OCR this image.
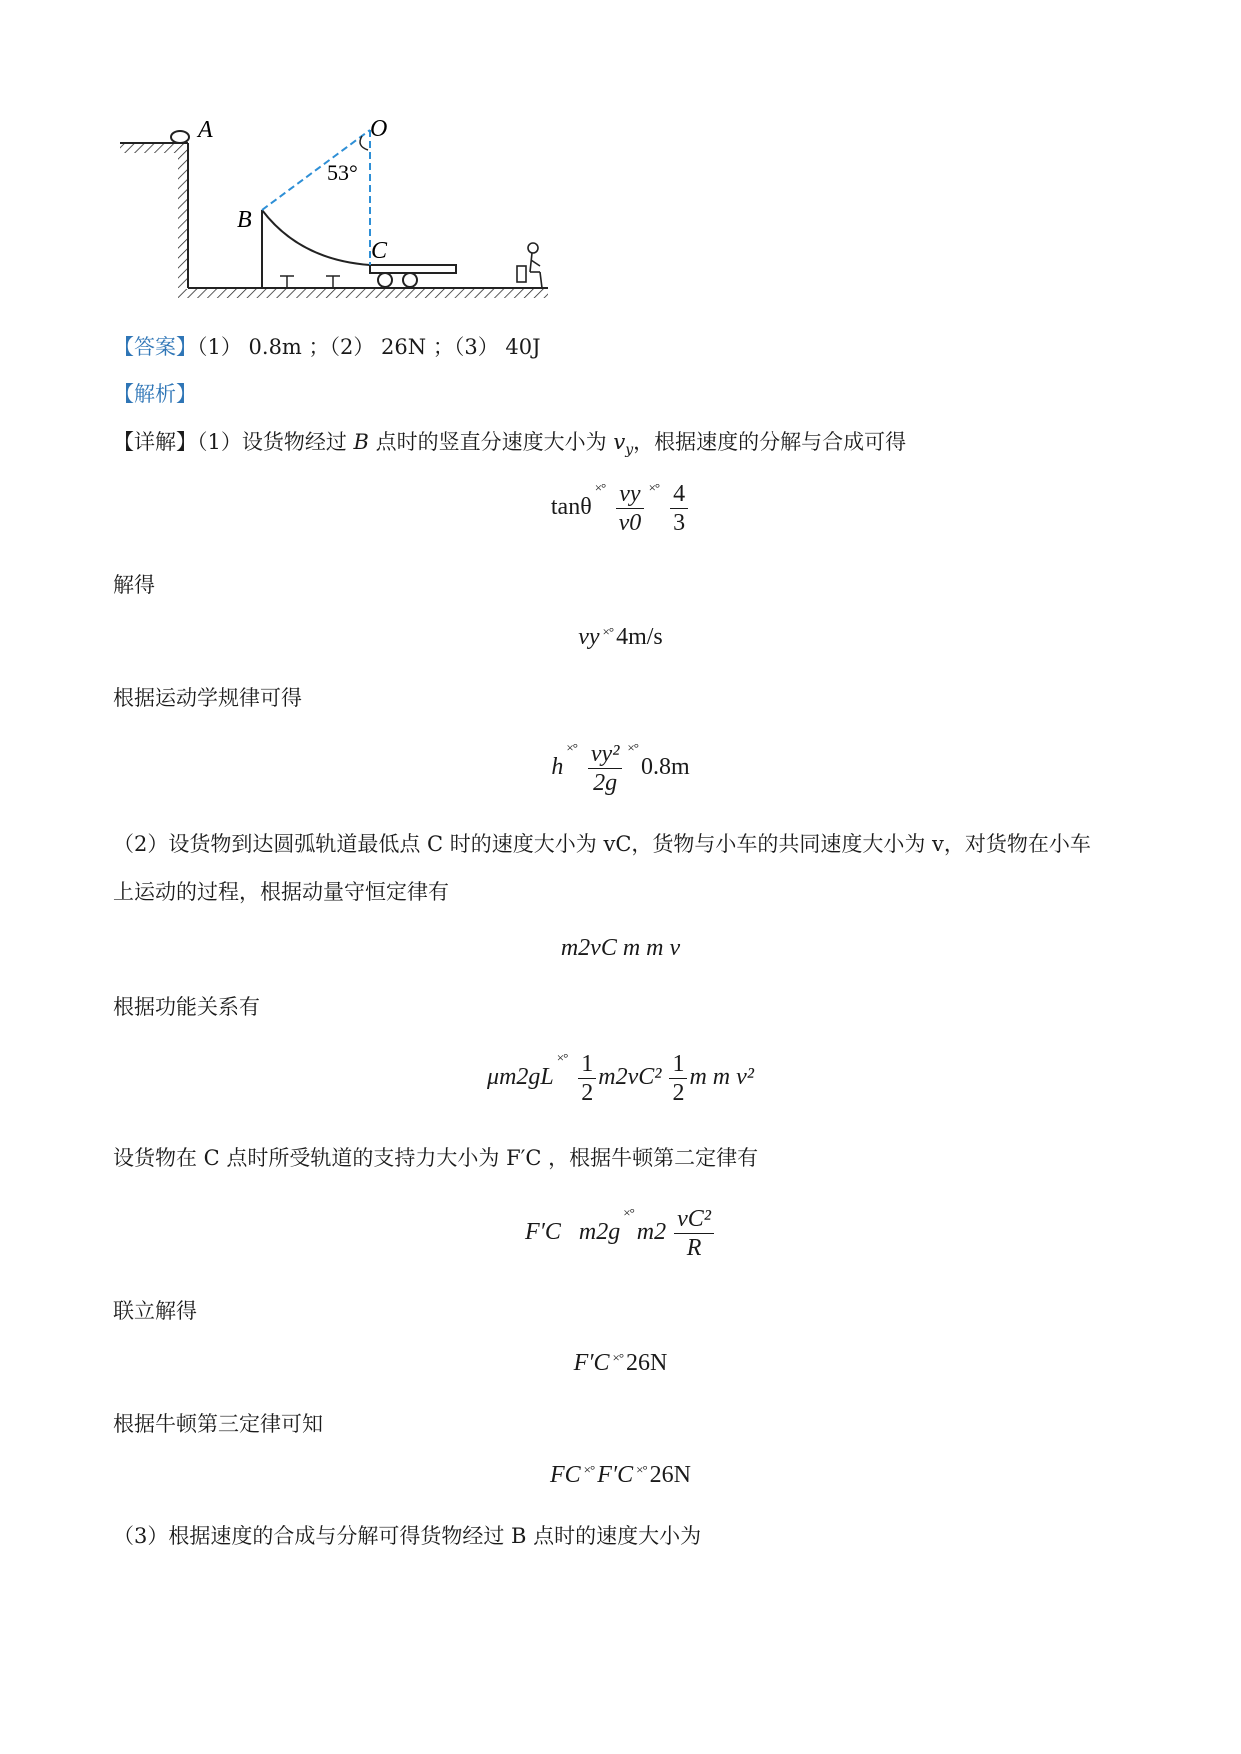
A	O
53°
B
C
【答案】（1） 0.8m ；（2） 26N ；（3） 40J
【解析】
【详解】（1）设货物经过 B 点时的竖直分速度大小为 $v_y$，根据速度的分解与合成可得
$\tan\theta^{\times^\circ} \frac{vy}{v0} ^{\times^\circ} \frac{4}{3}$
解得
vy ×° 4m/s
根据运动学规律可得
$h^{\times^\circ} \frac{\text{vy²}}{2g} ^{\times^\circ}0.8m$
（2）设货物到达圆弧轨道最低点 C 时的速度大小为 vC，货物与小车的共同速度大小为 v，对货物在小车
上运动的过程，根据动量守恒定律有
m2vC m m v
根据功能关系有
$\mu m2gL^{\times^\circ} \frac{1}{2} m2vC^2 \frac{1}{2}$ m m v²
设货物在 C 点时所受轨道的支持力大小为 F′C ，根据牛顿第二定律有
F′C $m2g^{\times^\circ}m2 \frac{\text{vC²}}{R}$
联立解得
F′C ×° 26N
根据牛顿第三定律可知
FC ×° F′C ×° 26N
（3）根据速度的合成与分解可得货物经过 B 点时的速度大小为
